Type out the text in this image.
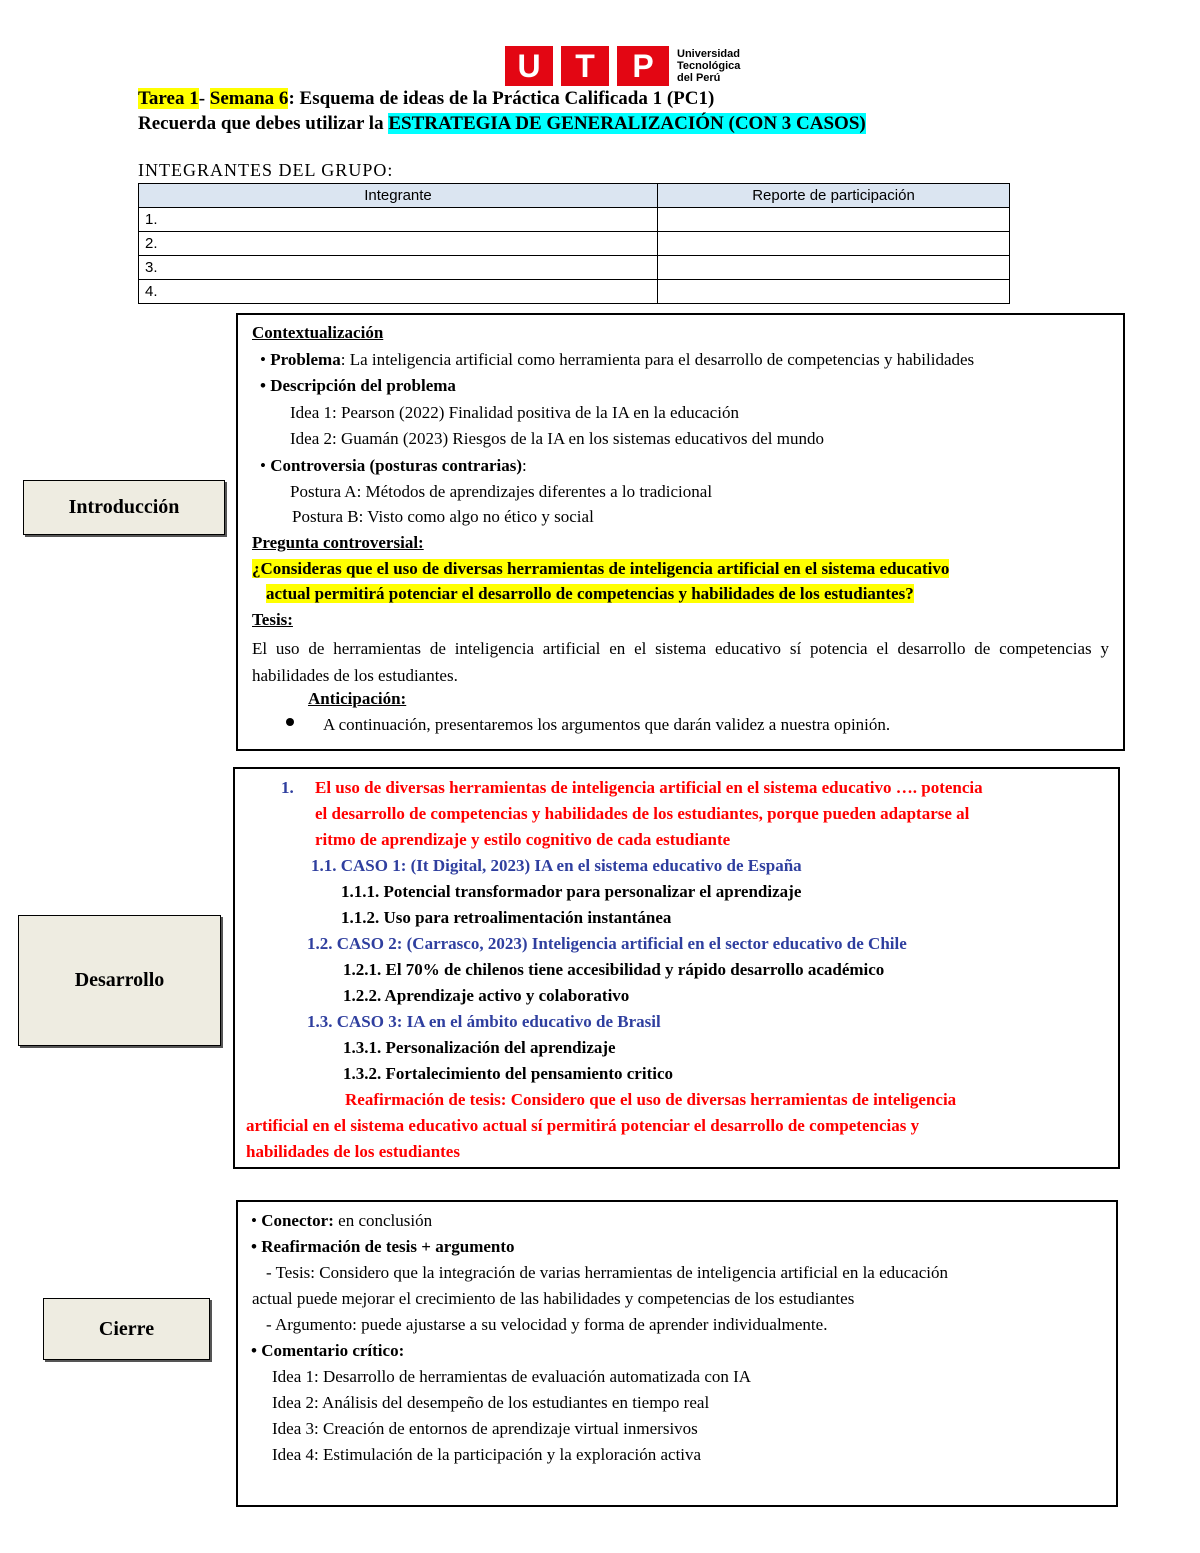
U	T	P	Universidad
Tecnológica
del Perú
Tarea 1- Semana 6: Esquema de ideas de la Práctica Calificada 1 (PC1)
Recuerda que debes utilizar la ESTRATEGIA DE GENERALIZACIÓN (CON 3 CASOS)
INTEGRANTES DEL GRUPO:
Integrante	Reporte de participación
1.	
2.	
3.	
4.	
Introducción
Desarrollo
Cierre
Contextualización
• Problema: La inteligencia artificial como herramienta para el desarrollo de competencias y habilidades
• Descripción del problema
Idea 1: Pearson (2022) Finalidad positiva de la IA en la educación
Idea 2: Guamán (2023) Riesgos de la IA en los sistemas educativos del mundo
• Controversia (posturas contrarias):
Postura A: Métodos de aprendizajes diferentes a lo tradicional
Postura B: Visto como algo no ético y social
Pregunta controversial:
¿Consideras que el uso de diversas herramientas de inteligencia artificial en el sistema educativo
actual permitirá potenciar el desarrollo de competencias y habilidades de los estudiantes?
Tesis:
El uso de herramientas de inteligencia artificial en el sistema educativo sí potencia el desarrollo de competencias y habilidades de los estudiantes.
Anticipación:
A continuación, presentaremos los argumentos que darán validez a nuestra opinión.
1. El uso de diversas herramientas de inteligencia artificial en el sistema educativo …. potencia
el desarrollo de competencias y habilidades de los estudiantes, porque pueden adaptarse al
ritmo de aprendizaje y estilo cognitivo de cada estudiante
1.1. CASO 1: (It Digital, 2023) IA en el sistema educativo de España
1.1.1. Potencial transformador para personalizar el aprendizaje
1.1.2. Uso para retroalimentación instantánea
1.2. CASO 2: (Carrasco, 2023) Inteligencia artificial en el sector educativo de Chile
1.2.1. El 70% de chilenos tiene accesibilidad y rápido desarrollo académico
1.2.2. Aprendizaje activo y colaborativo
1.3. CASO 3: IA en el ámbito educativo de Brasil
1.3.1. Personalización del aprendizaje
1.3.2. Fortalecimiento del pensamiento critico
Reafirmación de tesis: Considero que el uso de diversas herramientas de inteligencia
artificial en el sistema educativo actual sí permitirá potenciar el desarrollo de competencias y
habilidades de los estudiantes
• Conector: en conclusión
• Reafirmación de tesis + argumento
- Tesis: Considero que la integración de varias herramientas de inteligencia artificial en la educación
actual puede mejorar el crecimiento de las habilidades y competencias de los estudiantes
- Argumento: puede ajustarse a su velocidad y forma de aprender individualmente.
• Comentario crítico:
Idea 1: Desarrollo de herramientas de evaluación automatizada con IA
Idea 2: Análisis del desempeño de los estudiantes en tiempo real
Idea 3: Creación de entornos de aprendizaje virtual inmersivos
Idea 4: Estimulación de la participación y la exploración activa
